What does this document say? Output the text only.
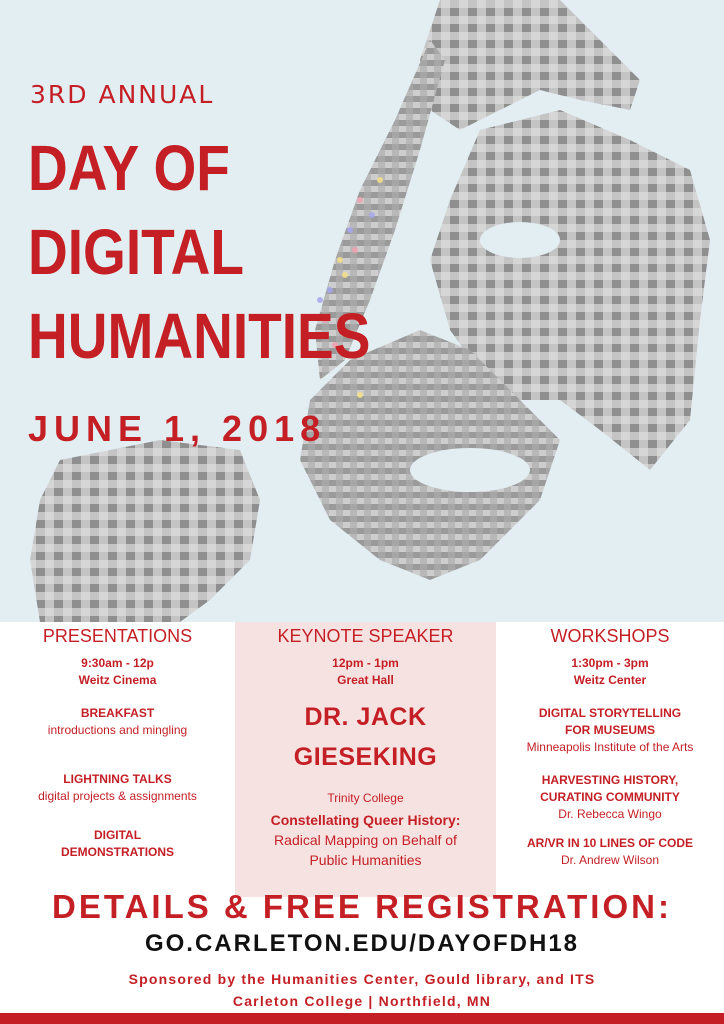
3RD ANNUAL
DAY OF
DIGITAL
HUMANITIES
JUNE 1, 2018
PRESENTATIONS
9:30am - 12p
Weitz Cinema
BREAKFAST
introductions and mingling
LIGHTNING TALKS
digital projects & assignments
DIGITAL
DEMONSTRATIONS
KEYNOTE SPEAKER
12pm - 1pm
Great Hall
DR. JACK
GIESEKING
Trinity College
Constellating Queer History:
Radical Mapping on Behalf of
Public Humanities
WORKSHOPS
1:30pm - 3pm
Weitz Center
DIGITAL STORYTELLING
FOR MUSEUMS
Minneapolis Institute of the Arts
HARVESTING HISTORY,
CURATING COMMUNITY
Dr. Rebecca Wingo
AR/VR IN 10 LINES OF CODE
Dr. Andrew Wilson
DETAILS & FREE REGISTRATION:
GO.CARLETON.EDU/DAYOFDH18
Sponsored by the Humanities Center, Gould library, and ITS
Carleton College | Northfield, MN
